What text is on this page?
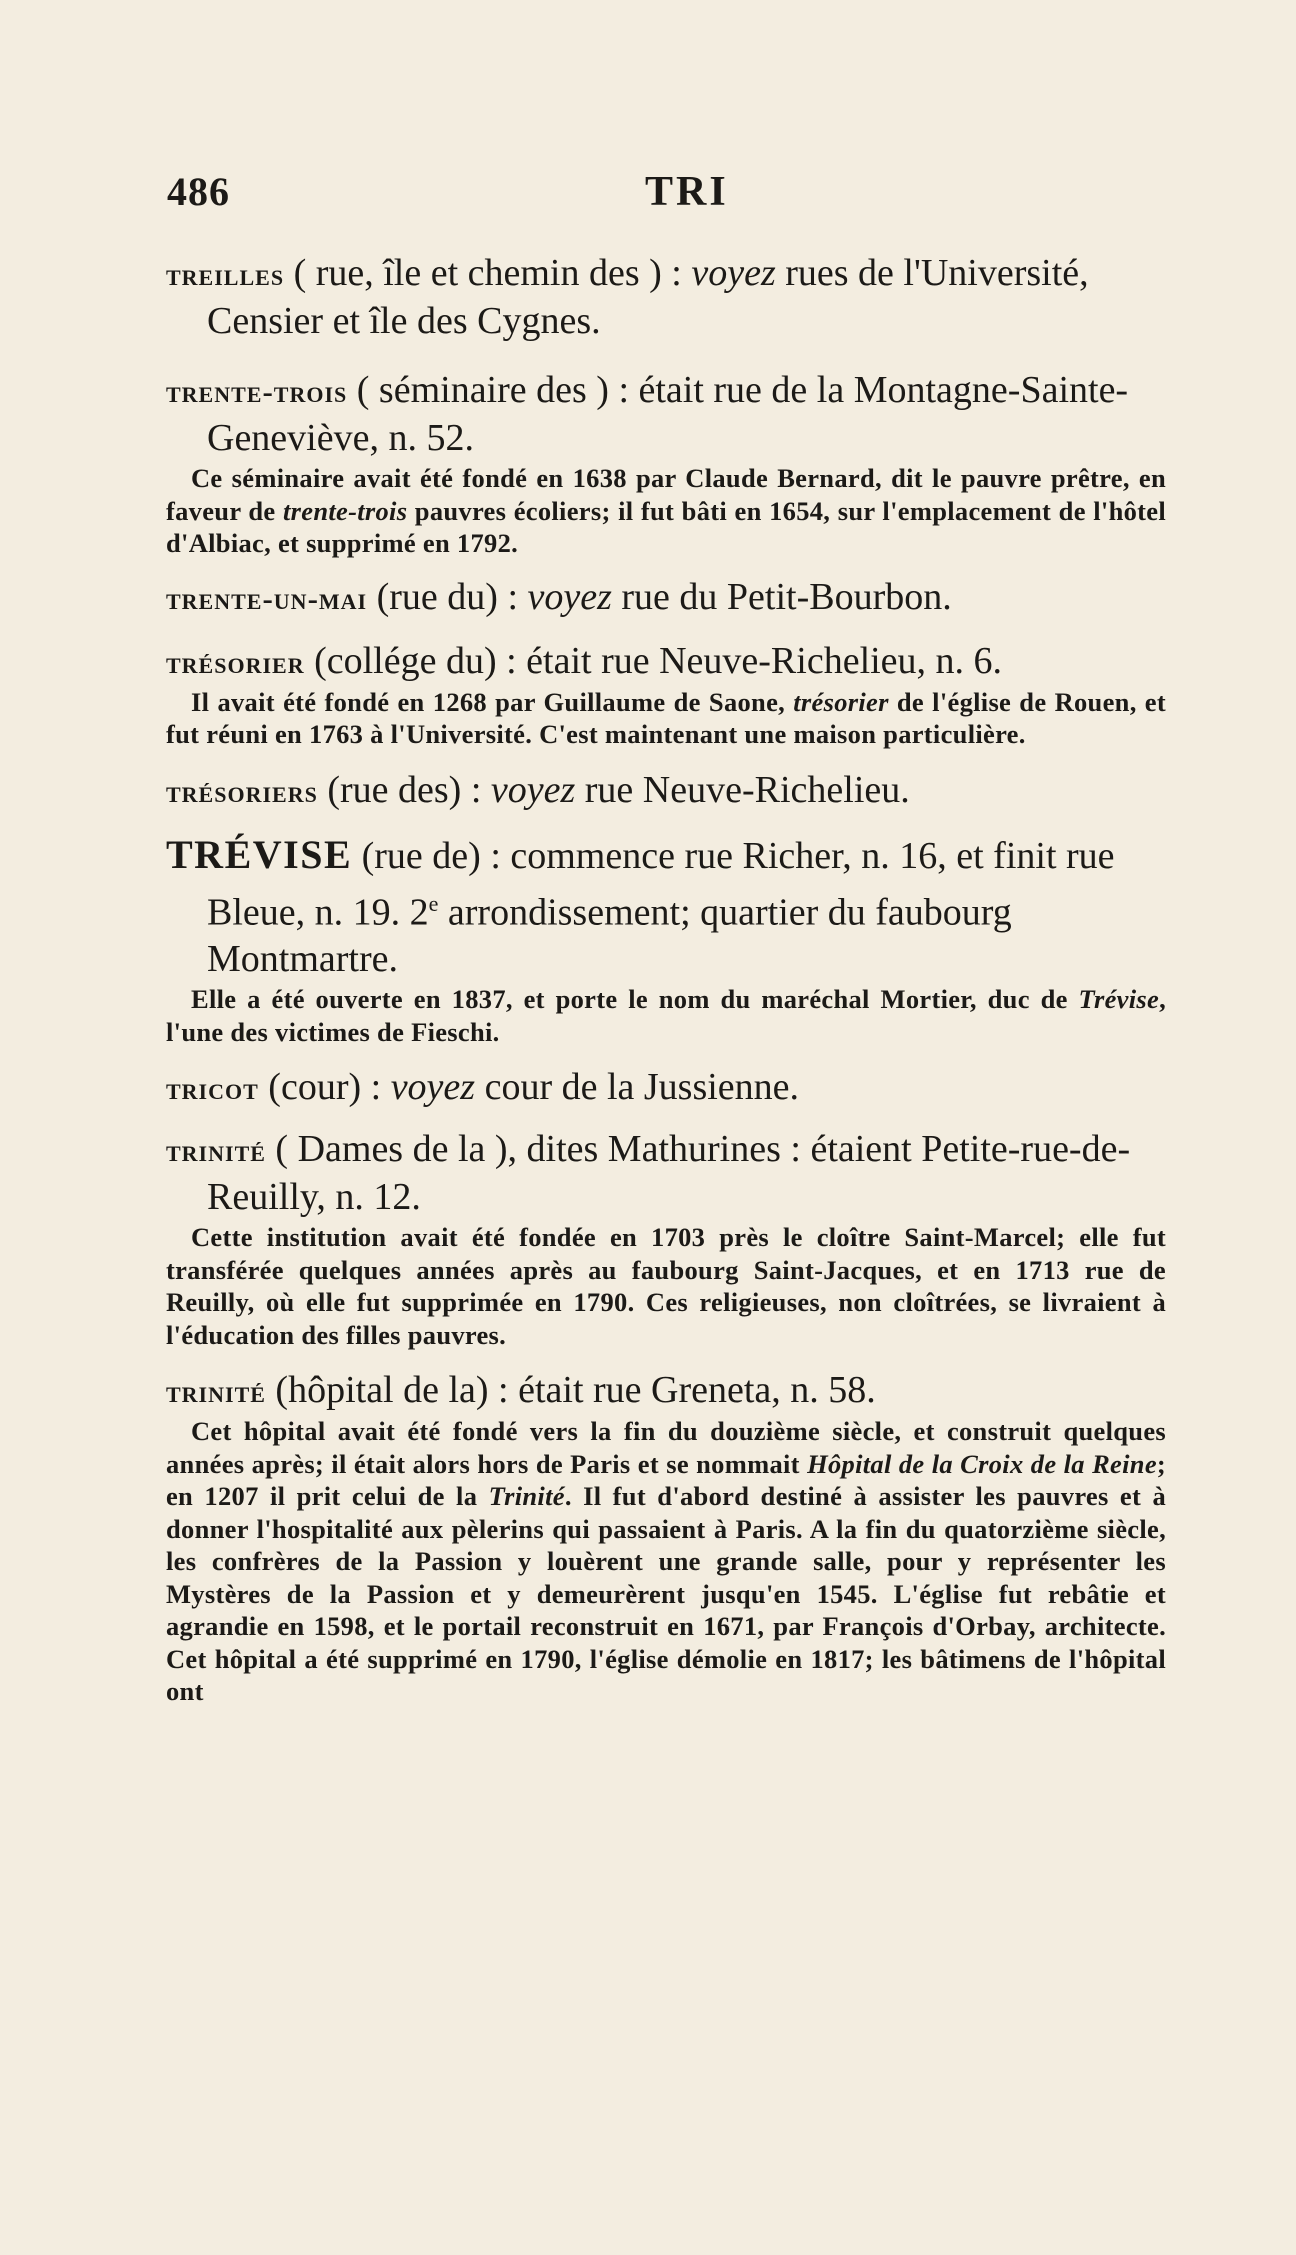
486	TRI

treilles ( rue, île et chemin des ) : voyez rues de l'Université, Censier et île des Cygnes.

trente-trois ( séminaire des ) : était rue de la Montagne-Sainte-Geneviève, n. 52.

Ce séminaire avait été fondé en 1638 par Claude Bernard, dit le pauvre prêtre, en faveur de trente-trois pauvres écoliers; il fut bâti en 1654, sur l'emplacement de l'hôtel d'Albiac, et supprimé en 1792.

trente-un-mai (rue du) : voyez rue du Petit-Bourbon.

trésorier (collége du) : était rue Neuve-Richelieu, n. 6.

Il avait été fondé en 1268 par Guillaume de Saone, trésorier de l'église de Rouen, et fut réuni en 1763 à l'Université. C'est maintenant une maison particulière.

trésoriers (rue des) : voyez rue Neuve-Richelieu.

TRÉVISE (rue de) : commence rue Richer, n. 16, et finit rue Bleue, n. 19. 2e arrondissement; quartier du faubourg Montmartre.

Elle a été ouverte en 1837, et porte le nom du maréchal Mortier, duc de Trévise, l'une des victimes de Fieschi.

tricot (cour) : voyez cour de la Jussienne.

trinité ( Dames de la ), dites Mathurines : étaient Petite-rue-de-Reuilly, n. 12.

Cette institution avait été fondée en 1703 près le cloître Saint-Marcel; elle fut transférée quelques années après au faubourg Saint-Jacques, et en 1713 rue de Reuilly, où elle fut supprimée en 1790. Ces religieuses, non cloîtrées, se livraient à l'éducation des filles pauvres.

trinité (hôpital de la) : était rue Greneta, n. 58.

Cet hôpital avait été fondé vers la fin du douzième siècle, et construit quelques années après; il était alors hors de Paris et se nommait Hôpital de la Croix de la Reine; en 1207 il prit celui de la Trinité. Il fut d'abord destiné à assister les pauvres et à donner l'hospitalité aux pèlerins qui passaient à Paris. A la fin du quatorzième siècle, les confrères de la Passion y louèrent une grande salle, pour y représenter les Mystères de la Passion et y demeurèrent jusqu'en 1545. L'église fut rebâtie et agrandie en 1598, et le portail reconstruit en 1671, par François d'Orbay, architecte. Cet hôpital a été supprimé en 1790, l'église démolie en 1817; les bâtimens de l'hôpital ont
